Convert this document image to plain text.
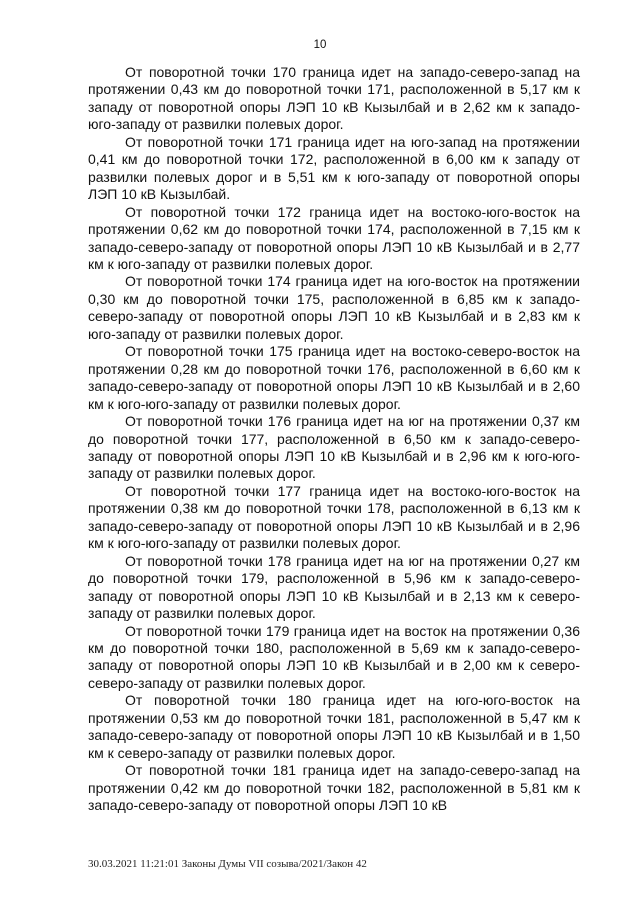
10

От поворотной точки 170 граница идет на западо-северо-запад на протяжении 0,43 км до поворотной точки 171, расположенной в 5,17 км к западу от поворотной опоры ЛЭП 10 кВ Кызылбай и в 2,62 км к западо-юго-западу от развилки полевых дорог.

От поворотной точки 171 граница идет на юго-запад на протяжении 0,41 км до поворотной точки 172, расположенной в 6,00 км к западу от развилки полевых дорог и в 5,51 км к юго-западу от поворотной опоры ЛЭП 10 кВ Кызылбай.

От поворотной точки 172 граница идет на востоко-юго-восток на протяжении 0,62 км до поворотной точки 174, расположенной в 7,15 км к западо-северо-западу от поворотной опоры ЛЭП 10 кВ Кызылбай и в 2,77 км к юго-западу от развилки полевых дорог.

От поворотной точки 174 граница идет на юго-восток на протяжении 0,30 км до поворотной точки 175, расположенной в 6,85 км к западо-северо-западу от поворотной опоры ЛЭП 10 кВ Кызылбай и в 2,83 км к юго-западу от развилки полевых дорог.

От поворотной точки 175 граница идет на востоко-северо-восток на протяжении 0,28 км до поворотной точки 176, расположенной в 6,60 км к западо-северо-западу от поворотной опоры ЛЭП 10 кВ Кызылбай и в 2,60 км к юго-юго-западу от развилки полевых дорог.

От поворотной точки 176 граница идет на юг на протяжении 0,37 км до поворотной точки 177, расположенной в 6,50 км к западо-северо-западу от поворотной опоры ЛЭП 10 кВ Кызылбай и в 2,96 км к юго-юго-западу от развилки полевых дорог.

От поворотной точки 177 граница идет на востоко-юго-восток на протяжении 0,38 км до поворотной точки 178, расположенной в 6,13 км к западо-северо-западу от поворотной опоры ЛЭП 10 кВ Кызылбай и в 2,96 км к юго-юго-западу от развилки полевых дорог.

От поворотной точки 178 граница идет на юг на протяжении 0,27 км до поворотной точки 179, расположенной в 5,96 км к западо-северо-западу от поворотной опоры ЛЭП 10 кВ Кызылбай и в 2,13 км к северо-западу от развилки полевых дорог.

От поворотной точки 179 граница идет на восток на протяжении 0,36 км до поворотной точки 180, расположенной в 5,69 км к западо-северо-западу от поворотной опоры ЛЭП 10 кВ Кызылбай и в 2,00 км к северо-северо-западу от развилки полевых дорог.

От поворотной точки 180 граница идет на юго-юго-восток на протяжении 0,53 км до поворотной точки 181, расположенной в 5,47 км к западо-северо-западу от поворотной опоры ЛЭП 10 кВ Кызылбай и в 1,50 км к северо-западу от развилки полевых дорог.

От поворотной точки 181 граница идет на западо-северо-запад на протяжении 0,42 км до поворотной точки 182, расположенной в 5,81 км к западо-северо-западу от поворотной опоры ЛЭП 10 кВ

30.03.2021 11:21:01 Законы Думы VII созыва/2021/Закон 42
